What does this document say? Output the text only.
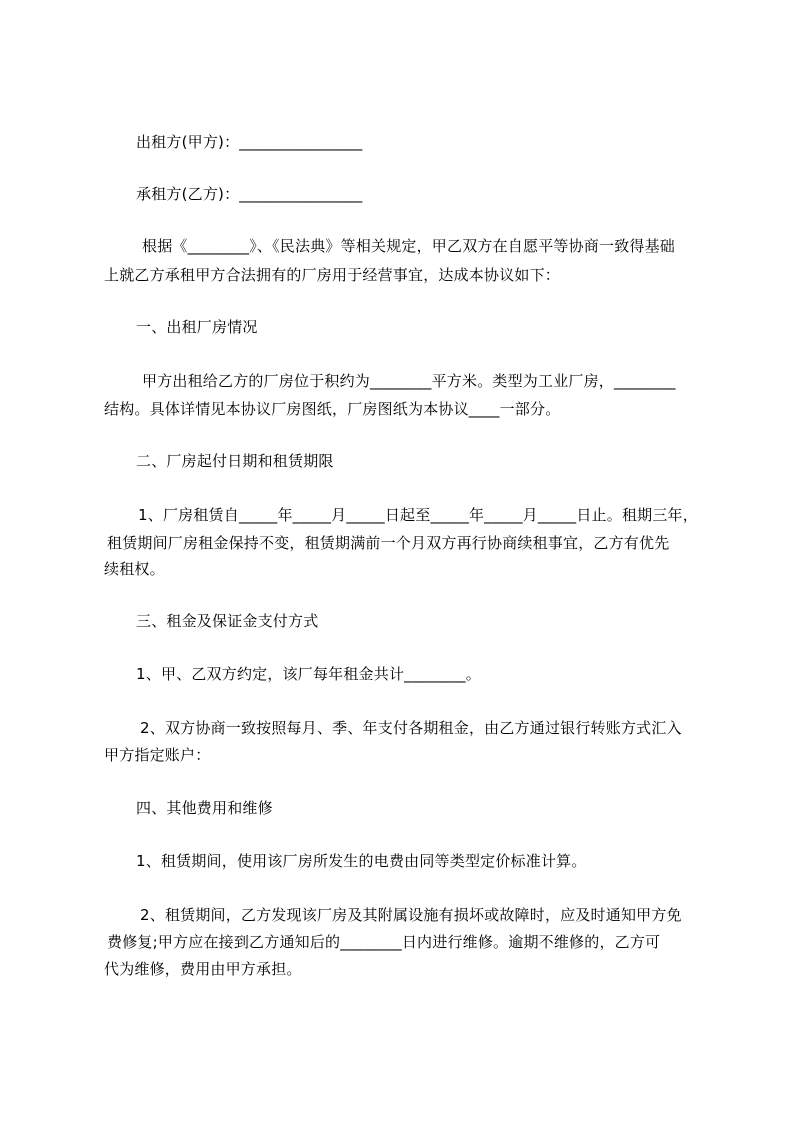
出租方(甲方)：________________
承租方(乙方)：________________
根据《________》、《民法典》等相关规定，甲乙双方在自愿平等协商一致得基础
上就乙方承租甲方合法拥有的厂房用于经营事宜，达成本协议如下：
一、出租厂房情况
甲方出租给乙方的厂房位于积约为________平方米。类型为工业厂房，________
结构。具体详情见本协议厂房图纸，厂房图纸为本协议____一部分。
二、厂房起付日期和租赁期限
1、厂房租赁自_____年_____月_____日起至_____年_____月_____日止。租期三年，
租赁期间厂房租金保持不变，租赁期满前一个月双方再行协商续租事宜，乙方有优先
续租权。
三、租金及保证金支付方式
1、甲、乙双方约定，该厂每年租金共计________。
2、双方协商一致按照每月、季、年支付各期租金，由乙方通过银行转账方式汇入
甲方指定账户：
四、其他费用和维修
1、租赁期间，使用该厂房所发生的电费由同等类型定价标准计算。
2、租赁期间，乙方发现该厂房及其附属设施有损坏或故障时，应及时通知甲方免
费修复;甲方应在接到乙方通知后的________日内进行维修。逾期不维修的，乙方可
代为维修，费用由甲方承担。
